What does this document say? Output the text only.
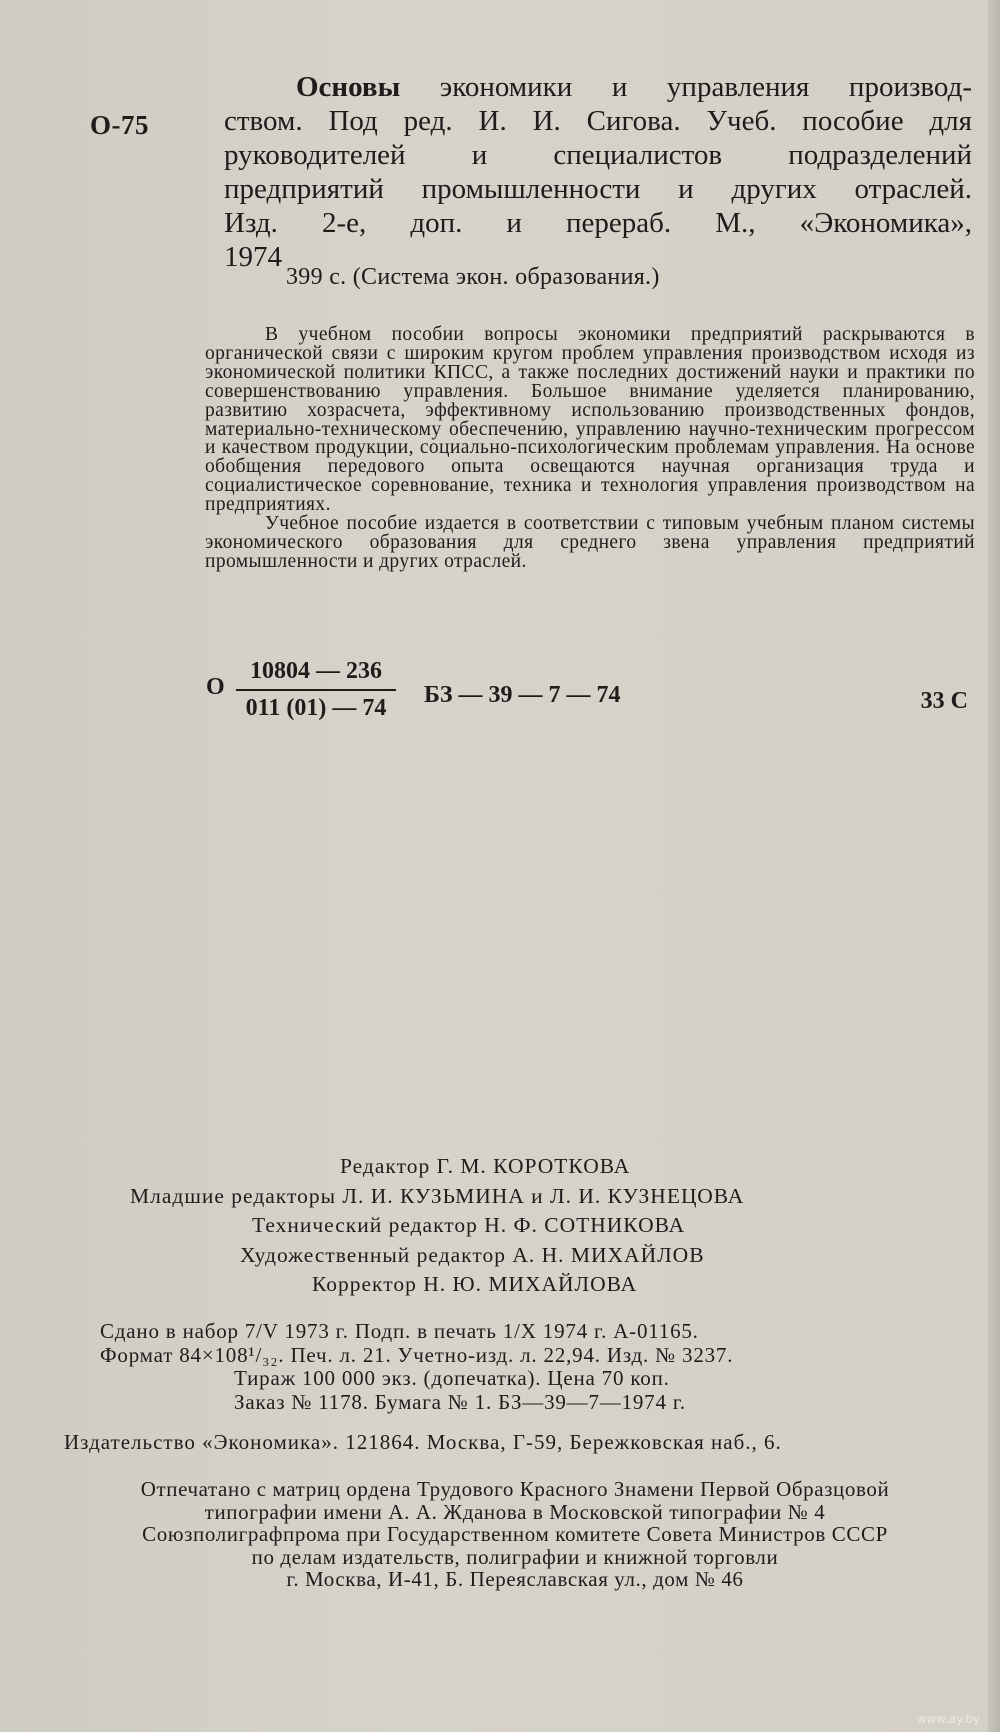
О-75
Основы экономики и управления производ-
ством. Под ред. И. И. Сигова. Учеб. пособие для
руководителей и специалистов подразделений
предприятий промышленности и других отраслей.
Изд. 2-е, доп. и перераб. М., «Экономика»,
1974
399 с. (Система экон. образования.)

В учебном пособии вопросы экономики предприятий раскрываются в органической связи с широким кругом проблем управления производством исходя из экономической политики КПСС, а также последних достижений науки и практики по совершенствованию управления. Большое внимание уделяется планированию, развитию хозрасчета, эффективному использованию производственных фондов, материально-техническому обеспечению, управлению научно-техническим прогрессом и качеством продукции, социально-психологическим проблемам управления. На основе обобщения передового опыта освещаются научная организация труда и социалистическое соревнование, техника и технология управления производством на предприятиях.

Учебное пособие издается в соответствии с типовым учебным планом системы экономического образования для среднего звена управления предприятий промышленности и других отраслей.

О $\frac{10804 — 236}{011 (01) — 74}$ БЗ — 39 — 7 — 74	33 С
Редактор Г. М. КОРОТКОВА
Младшие редакторы Л. И. КУЗЬМИНА и Л. И. КУЗНЕЦОВА
Технический редактор Н. Ф. СОТНИКОВА
Художественный редактор А. Н. МИХАЙЛОВ
Корректор Н. Ю. МИХАЙЛОВА
Сдано в набор 7/V 1973 г. Подп. в печать 1/X 1974 г. А-01165.
Формат 84×108¹/₃₂. Печ. л. 21. Учетно-изд. л. 22,94. Изд. № 3237.
Тираж 100 000 экз. (допечатка). Цена 70 коп.
Заказ № 1178. Бумага № 1. БЗ—39—7—1974 г.
Издательство «Экономика». 121864. Москва, Г-59, Бережковская наб., 6.
Отпечатано с матриц ордена Трудового Красного Знамени Первой Образцовой
типографии имени А. А. Жданова в Московской типографии № 4
Союзполиграфпрома при Государственном комитете Совета Министров СССР
по делам издательств, полиграфии и книжной торговли
г. Москва, И-41, Б. Переяславская ул., дом № 46
www.ay.by
